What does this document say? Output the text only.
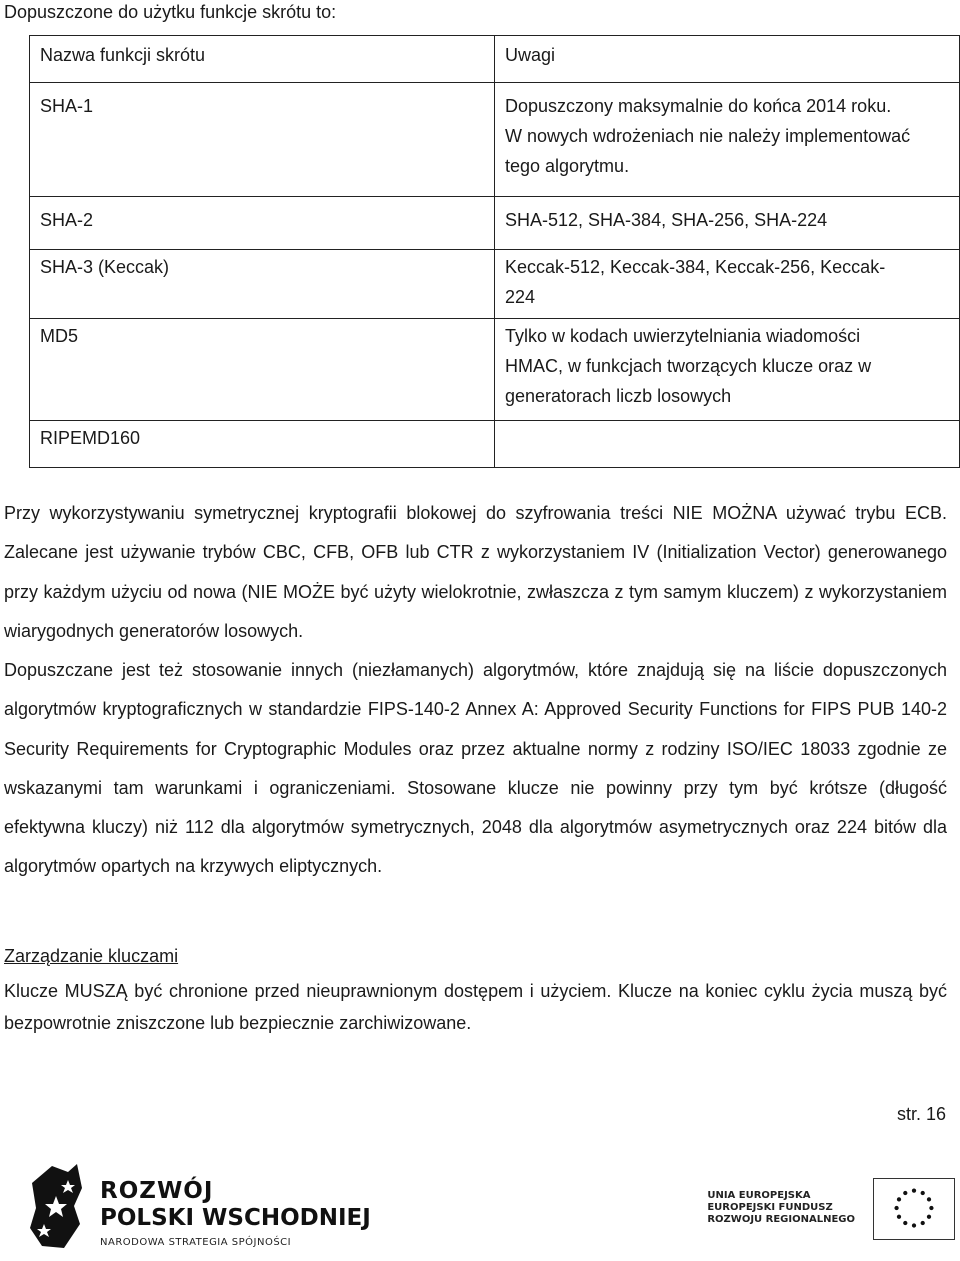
Dopuszczone do użytku funkcje skrótu to:
Nazwa funkcji skrótu	Uwagi
SHA-1	Dopuszczony maksymalnie do końca 2014 roku.
W nowych wdrożeniach nie należy implementować
tego algorytmu.

SHA-2	SHA-512, SHA-384, SHA-256, SHA-224

SHA-3 (Keccak)	Keccak-512, Keccak-384, Keccak-256, Keccak-
224

MD5	Tylko w kodach uwierzytelniania wiadomości
HMAC, w funkcjach tworzących klucze oraz w
generatorach liczb losowych

RIPEMD160	
Przy wykorzystywaniu symetrycznej kryptografii blokowej do szyfrowania treści NIE MOŻNA używać trybu ECB. Zalecane jest używanie trybów CBC, CFB, OFB lub CTR z wykorzystaniem IV (Initialization Vector) generowanego przy każdym użyciu od nowa (NIE MOŻE być użyty wielokrotnie, zwłaszcza z tym samym kluczem) z wykorzystaniem wiarygodnych generatorów losowych.
Dopuszczane jest też stosowanie innych (niezłamanych) algorytmów, które znajdują się na liście dopuszczonych algorytmów kryptograficznych w standardzie FIPS-140-2 Annex A: Approved Security Functions for FIPS PUB 140-2 Security Requirements for Cryptographic Modules oraz przez aktualne normy z rodziny ISO/IEC 18033 zgodnie ze wskazanymi tam warunkami i ograniczeniami. Stosowane klucze nie powinny przy tym być krótsze (długość efektywna kluczy) niż 112 dla algorytmów symetrycznych, 2048 dla algorytmów asymetrycznych oraz 224 bitów dla algorytmów opartych na krzywych eliptycznych.
Zarządzanie kluczami
Klucze MUSZĄ być chronione przed nieuprawnionym dostępem i użyciem. Klucze na koniec cyklu życia muszą być bezpowrotnie zniszczone lub bezpiecznie zarchiwizowane.
str. 16
ROZWÓJ
POLSKI WSCHODNIEJ
NARODOWA STRATEGIA SPÓJNOŚCI
UNIA EUROPEJSKA
EUROPEJSKI FUNDUSZ
ROZWOJU REGIONALNEGO
